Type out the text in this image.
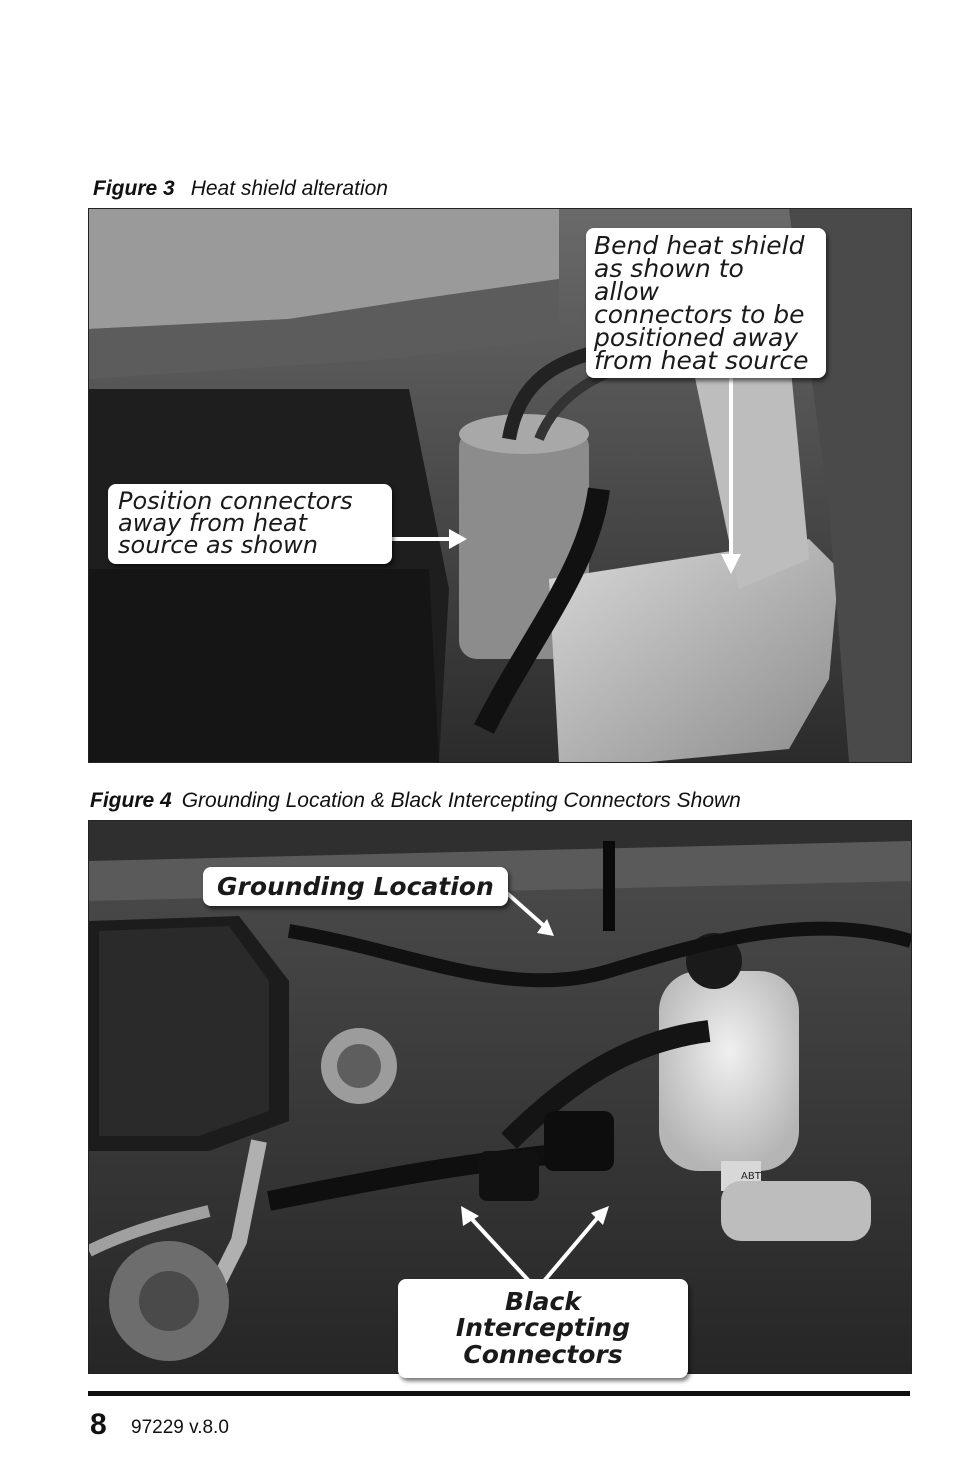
Figure 3 Heat shield alteration
Bend heat shield
as shown to allow
connectors to be
positioned away
from heat source
Position connectors
away from heat
source as shown
Figure 4 Grounding Location & Black Intercepting Connectors Shown
ABT
Grounding Location
Black Intercepting
Connectors
8 97229 v.8.0
